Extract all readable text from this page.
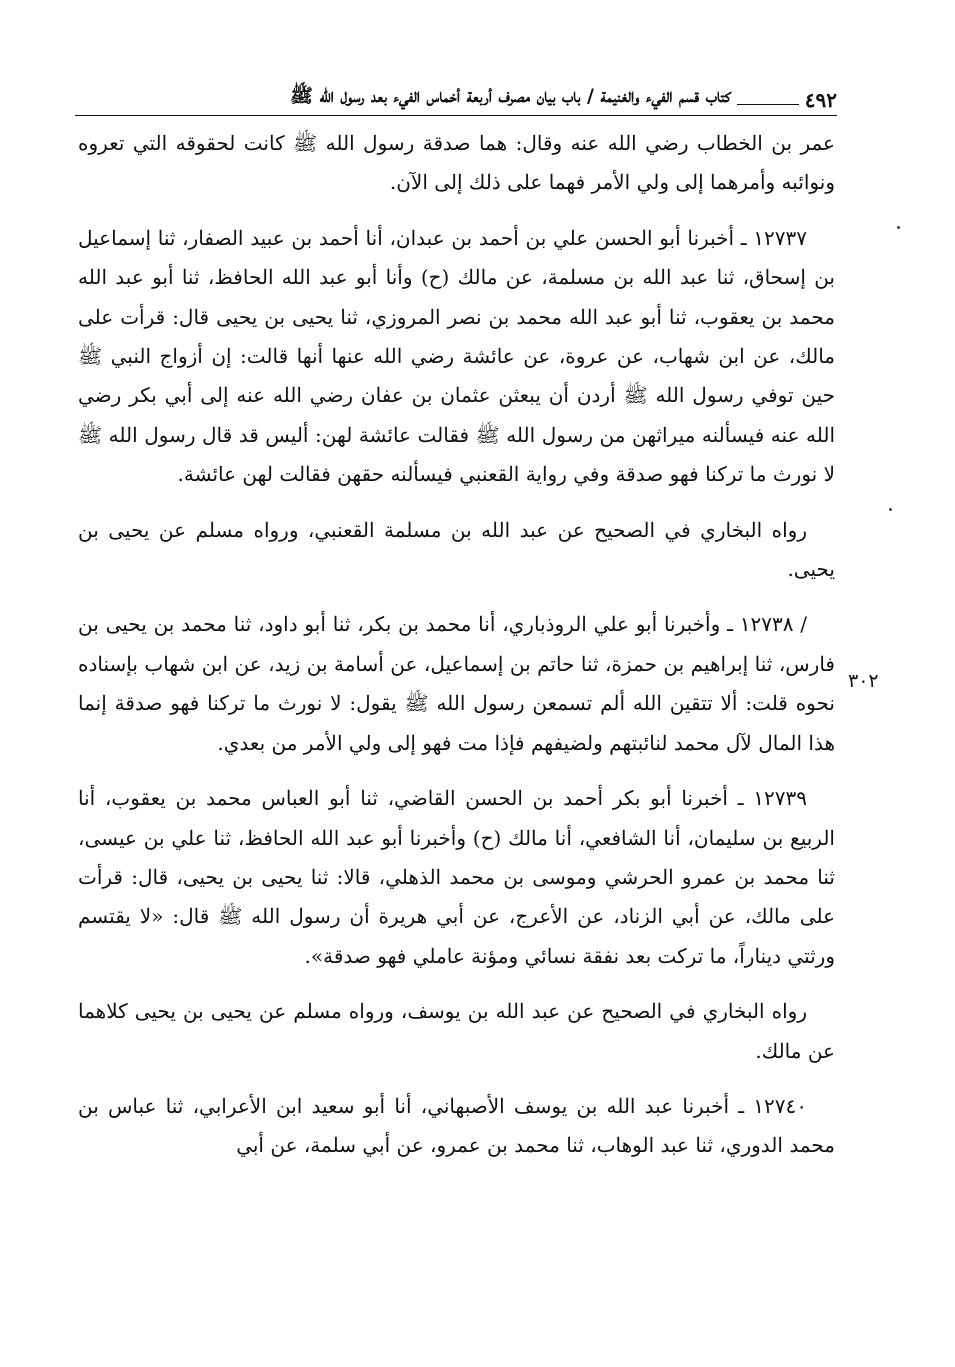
٤٩٢
كتاب قسم الفيء والغنيمة / باب بيان مصرف أربعة أخماس الفيء بعد رسول الله ﷺ

عمر بن الخطاب رضي الله عنه وقال: هما صدقة رسول الله ﷺ كانت لحقوقه التي تعروه ونوائبه وأمرهما إلى ولي الأمر فهما على ذلك إلى الآن.

١٢٧٣٧ ـ أخبرنا أبو الحسن علي بن أحمد بن عبدان، أنا أحمد بن عبيد الصفار، ثنا إسماعيل بن إسحاق، ثنا عبد الله بن مسلمة، عن مالك (ح) وأنا أبو عبد الله الحافظ، ثنا أبو عبد الله محمد بن يعقوب، ثنا أبو عبد الله محمد بن نصر المروزي، ثنا يحيى بن يحيى قال: قرأت على مالك، عن ابن شهاب، عن عروة، عن عائشة رضي الله عنها أنها قالت: إن أزواج النبي ﷺ حين توفي رسول الله ﷺ أردن أن يبعثن عثمان بن عفان رضي الله عنه إلى أبي بكر رضي الله عنه فيسألنه ميراثهن من رسول الله ﷺ فقالت عائشة لهن: أليس قد قال رسول الله ﷺ لا نورث ما تركنا فهو صدقة وفي رواية القعنبي فيسألنه حقهن فقالت لهن عائشة.

رواه البخاري في الصحيح عن عبد الله بن مسلمة القعنبي، ورواه مسلم عن يحيى بن يحيى.

/ ١٢٧٣٨ ـ وأخبرنا أبو علي الروذباري، أنا محمد بن بكر، ثنا أبو داود، ثنا محمد بن يحيى بن فارس، ثنا إبراهيم بن حمزة، ثنا حاتم بن إسماعيل، عن أسامة بن زيد، عن ابن شهاب بإسناده نحوه قلت: ألا تتقين الله ألم تسمعن رسول الله ﷺ يقول: لا نورث ما تركنا فهو صدقة إنما هذا المال لآل محمد لنائبتهم ولضيفهم فإذا مت فهو إلى ولي الأمر من بعدي.

١٢٧٣٩ ـ أخبرنا أبو بكر أحمد بن الحسن القاضي، ثنا أبو العباس محمد بن يعقوب، أنا الربيع بن سليمان، أنا الشافعي، أنا مالك (ح) وأخبرنا أبو عبد الله الحافظ، ثنا علي بن عيسى، ثنا محمد بن عمرو الحرشي وموسى بن محمد الذهلي، قالا: ثنا يحيى بن يحيى، قال: قرأت على مالك، عن أبي الزناد، عن الأعرج، عن أبي هريرة أن رسول الله ﷺ قال: «لا يقتسم ورثتي ديناراً، ما تركت بعد نفقة نسائي ومؤنة عاملي فهو صدقة».

رواه البخاري في الصحيح عن عبد الله بن يوسف، ورواه مسلم عن يحيى بن يحيى كلاهما عن مالك.

١٢٧٤٠ ـ أخبرنا عبد الله بن يوسف الأصبهاني، أنا أبو سعيد ابن الأعرابي، ثنا عباس بن محمد الدوري، ثنا عبد الوهاب، ثنا محمد بن عمرو، عن أبي سلمة، عن أبي

٣٠٢
